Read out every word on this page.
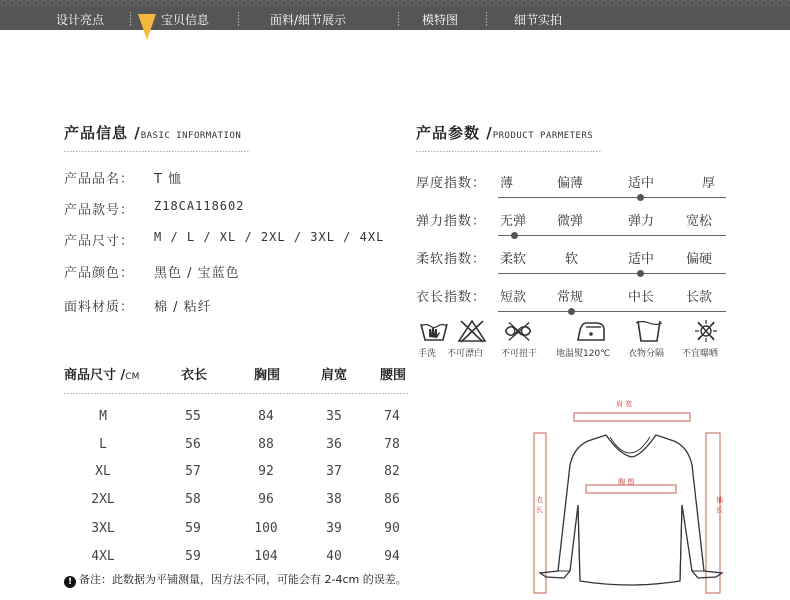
设计亮点	宝贝信息	面料/细节展示	模特图	细节实拍
产品信息 /BASIC INFORMATION
产品品名：	T 恤
产品款号：	Z18CA118602
产品尺寸：	M / L / XL / 2XL / 3XL / 4XL
产品颜色：	黑色 / 宝蓝色
面料材质：	棉 / 粘纤
产品参数 /PRODUCT PARMETERS
厚度指数： 薄	偏薄	适中	厚
弹力指数： 无弹 微弹	弹力 宽松
柔软指数： 柔软	软	适中 偏硬
衣长指数： 短款 常规	中长 长款
手洗 不可漂白 不可扭干 地温熨120℃ 衣物分隔 不宜曝晒
商品尺寸 /CM	衣长	胸围	肩宽	腰围
M	55	84	35	74
L	56	88	36	78
XL	57	92	37	82
2XL	58	96	38	86
3XL	59	100	39	90
4XL	59	104	40	94
! 备注：此数据为平铺测量，因方法不同，可能会有 2-4cm 的误差。
肩 宽
胸 围
衣 长
袖 长
